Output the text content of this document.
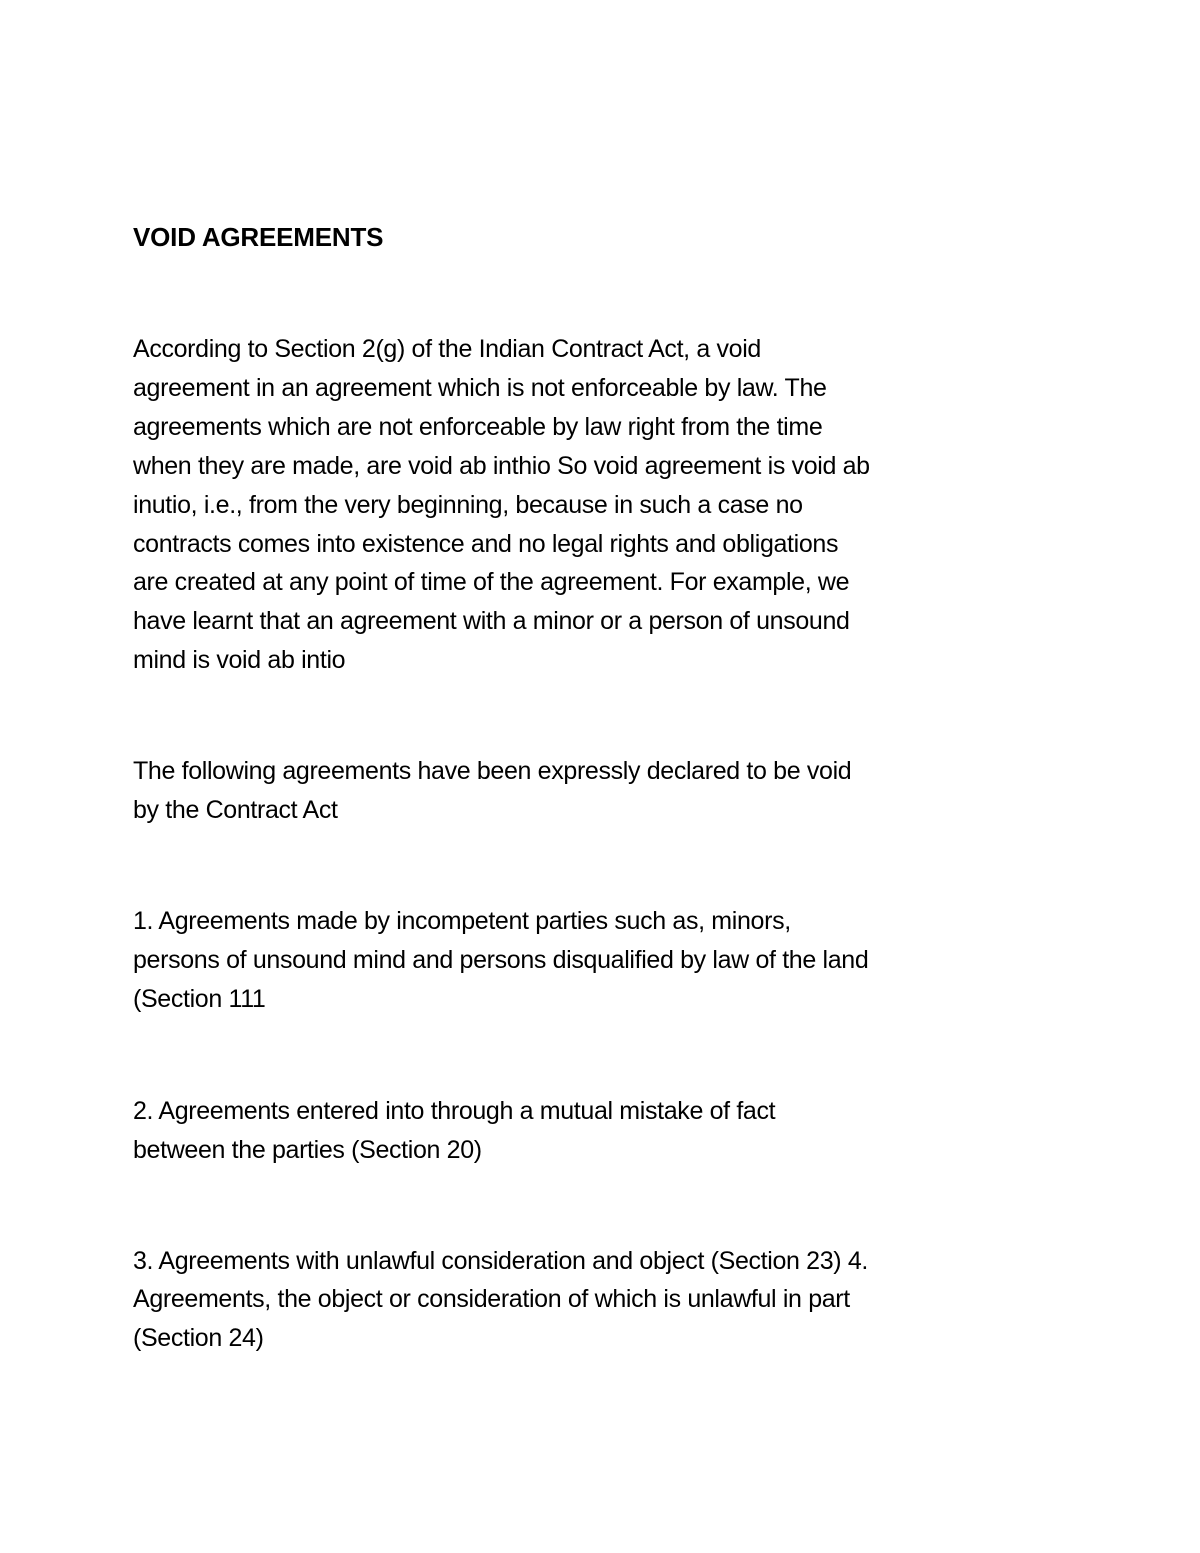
VOID AGREEMENTS

According to Section 2(g) of the Indian Contract Act, a void
agreement in an agreement which is not enforceable by law. The
agreements which are not enforceable by law right from the time
when they are made, are void ab inthio So void agreement is void ab
inutio, i.e., from the very beginning, because in such a case no
contracts comes into existence and no legal rights and obligations
are created at any point of time of the agreement. For example, we
have learnt that an agreement with a minor or a person of unsound
mind is void ab intio

The following agreements have been expressly declared to be void
by the Contract Act

1. Agreements made by incompetent parties such as, minors,
persons of unsound mind and persons disqualified by law of the land
(Section 111

2. Agreements entered into through a mutual mistake of fact
between the parties (Section 20)

3. Agreements with unlawful consideration and object (Section 23) 4.
Agreements, the object or consideration of which is unlawful in part
(Section 24)
